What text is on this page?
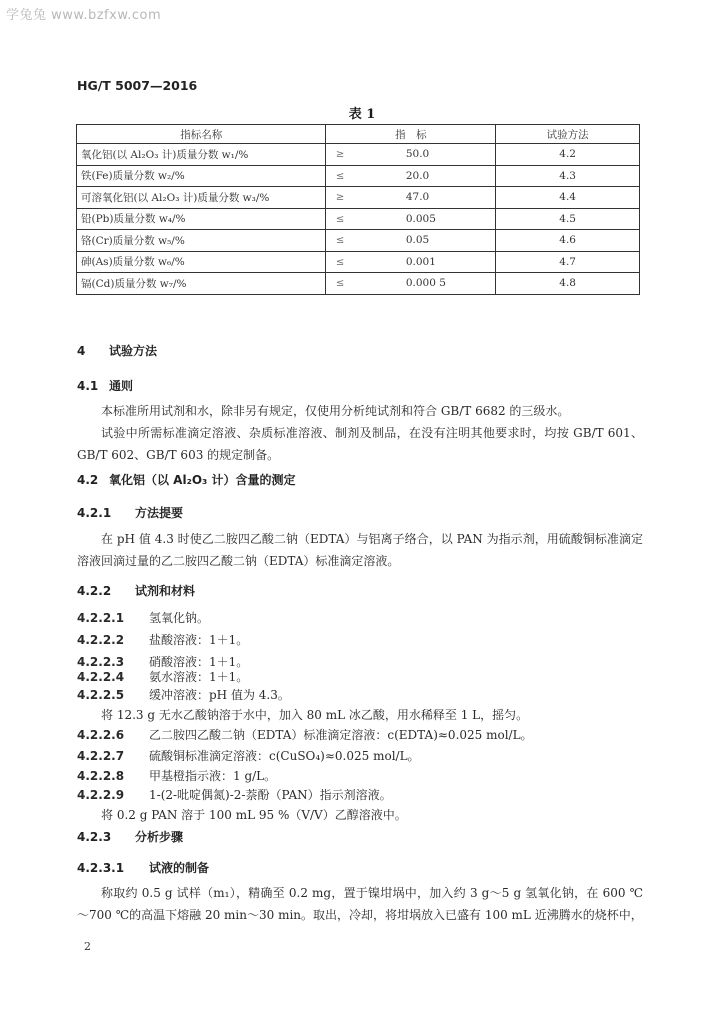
学兔兔 www.bzfxw.com
HG/T 5007—2016
表 1
指标名称	指　标	试验方法
氧化铝(以 Al₂O₃ 计)质量分数 w₁/%	≥ 50.0	4.2
铁(Fe)质量分数 w₂/%	≤ 20.0	4.3
可溶氧化铝(以 Al₂O₃ 计)质量分数 w₃/%	≥ 47.0	4.4
铅(Pb)质量分数 w₄/%	≤ 0.005	4.5
铬(Cr)质量分数 w₅/%	≤ 0.05	4.6
砷(As)质量分数 w₆/%	≤ 0.001	4.7
镉(Cd)质量分数 w₇/%	≤ 0.000 5	4.8
4 试验方法
4.1 通则

本标准所用试剂和水，除非另有规定，仅使用分析纯试剂和符合 GB/T 6682 的三级水。

试验中所需标准滴定溶液、杂质标准溶液、制剂及制品，在没有注明其他要求时，均按 GB/T 601、GB/T 602、GB/T 603 的规定制备。

4.2 氧化铝（以 Al₂O₃ 计）含量的测定
4.2.1 方法提要

在 pH 值 4.3 时使乙二胺四乙酸二钠（EDTA）与铝离子络合，以 PAN 为指示剂，用硫酸铜标准滴定溶液回滴过量的乙二胺四乙酸二钠（EDTA）标准滴定溶液。

4.2.2 试剂和材料
4.2.2.1 氢氧化钠。
4.2.2.2 盐酸溶液：1＋1。
4.2.2.3 硝酸溶液：1＋1。
4.2.2.4 氨水溶液：1＋1。
4.2.2.5 缓冲溶液：pH 值为 4.3。
将 12.3 g 无水乙酸钠溶于水中，加入 80 mL 冰乙酸，用水稀释至 1 L，摇匀。
4.2.2.6 乙二胺四乙酸二钠（EDTA）标准滴定溶液：c(EDTA)≈0.025 mol/L。
4.2.2.7 硫酸铜标准滴定溶液：c(CuSO₄)≈0.025 mol/L。
4.2.2.8 甲基橙指示液：1 g/L。
4.2.2.9 1-(2-吡啶偶氮)-2-萘酚（PAN）指示剂溶液。
将 0.2 g PAN 溶于 100 mL 95 %（V/V）乙醇溶液中。
4.2.3 分析步骤
4.2.3.1 试液的制备

称取约 0.5 g 试样（m₁），精确至 0.2 mg，置于镍坩埚中，加入约 3 g～5 g 氢氧化钠，在 600 ℃～700 ℃的高温下熔融 20 min～30 min。取出，冷却，将坩埚放入已盛有 100 mL 近沸腾水的烧杯中，

2
